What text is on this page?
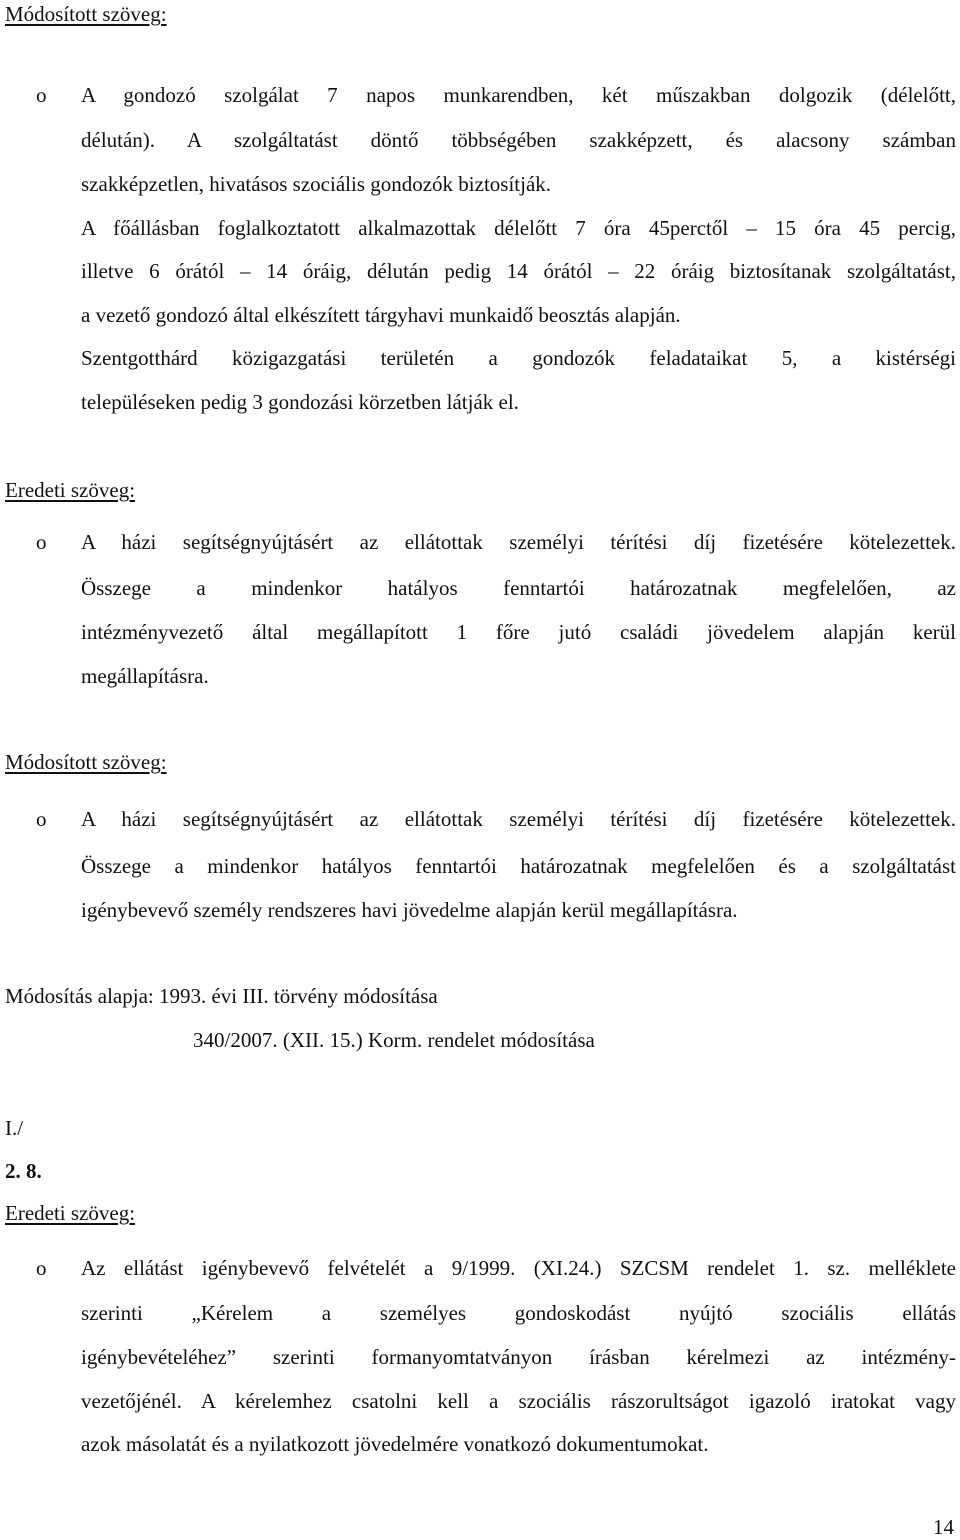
Módosított szöveg:
o A gondozó szolgálat 7 napos munkarendben, két műszakban dolgozik (délelőtt,
délután). A szolgáltatást döntő többségében szakképzett, és alacsony számban
szakképzetlen, hivatásos szociális gondozók biztosítják.
A főállásban foglalkoztatott alkalmazottak délelőtt 7 óra 45perctől – 15 óra 45 percig,
illetve 6 órától – 14 óráig, délután pedig 14 órától – 22 óráig biztosítanak szolgáltatást,
a vezető gondozó által elkészített tárgyhavi munkaidő beosztás alapján.
Szentgotthárd közigazgatási területén a gondozók feladataikat 5, a kistérségi
településeken pedig 3 gondozási körzetben látják el.
Eredeti szöveg:
o A házi segítségnyújtásért az ellátottak személyi térítési díj fizetésére kötelezettek.
Összege a mindenkor hatályos fenntartói határozatnak megfelelően, az
intézményvezető által megállapított 1 főre jutó családi jövedelem alapján kerül
megállapításra.
Módosított szöveg:
o A házi segítségnyújtásért az ellátottak személyi térítési díj fizetésére kötelezettek.
Összege a mindenkor hatályos fenntartói határozatnak megfelelően és a szolgáltatást
igénybevevő személy rendszeres havi jövedelme alapján kerül megállapításra.
Módosítás alapja: 1993. évi III. törvény módosítása
340/2007. (XII. 15.) Korm. rendelet módosítása
I./
2. 8.
Eredeti szöveg:
o Az ellátást igénybevevő felvételét a 9/1999. (XI.24.) SZCSM rendelet 1. sz. melléklete
szerinti „Kérelem a személyes gondoskodást nyújtó szociális ellátás
igénybevételéhez” szerinti formanyomtatványon írásban kérelmezi az intézmény-
vezetőjénél. A kérelemhez csatolni kell a szociális rászorultságot igazoló iratokat vagy
azok másolatát és a nyilatkozott jövedelmére vonatkozó dokumentumokat.
14
